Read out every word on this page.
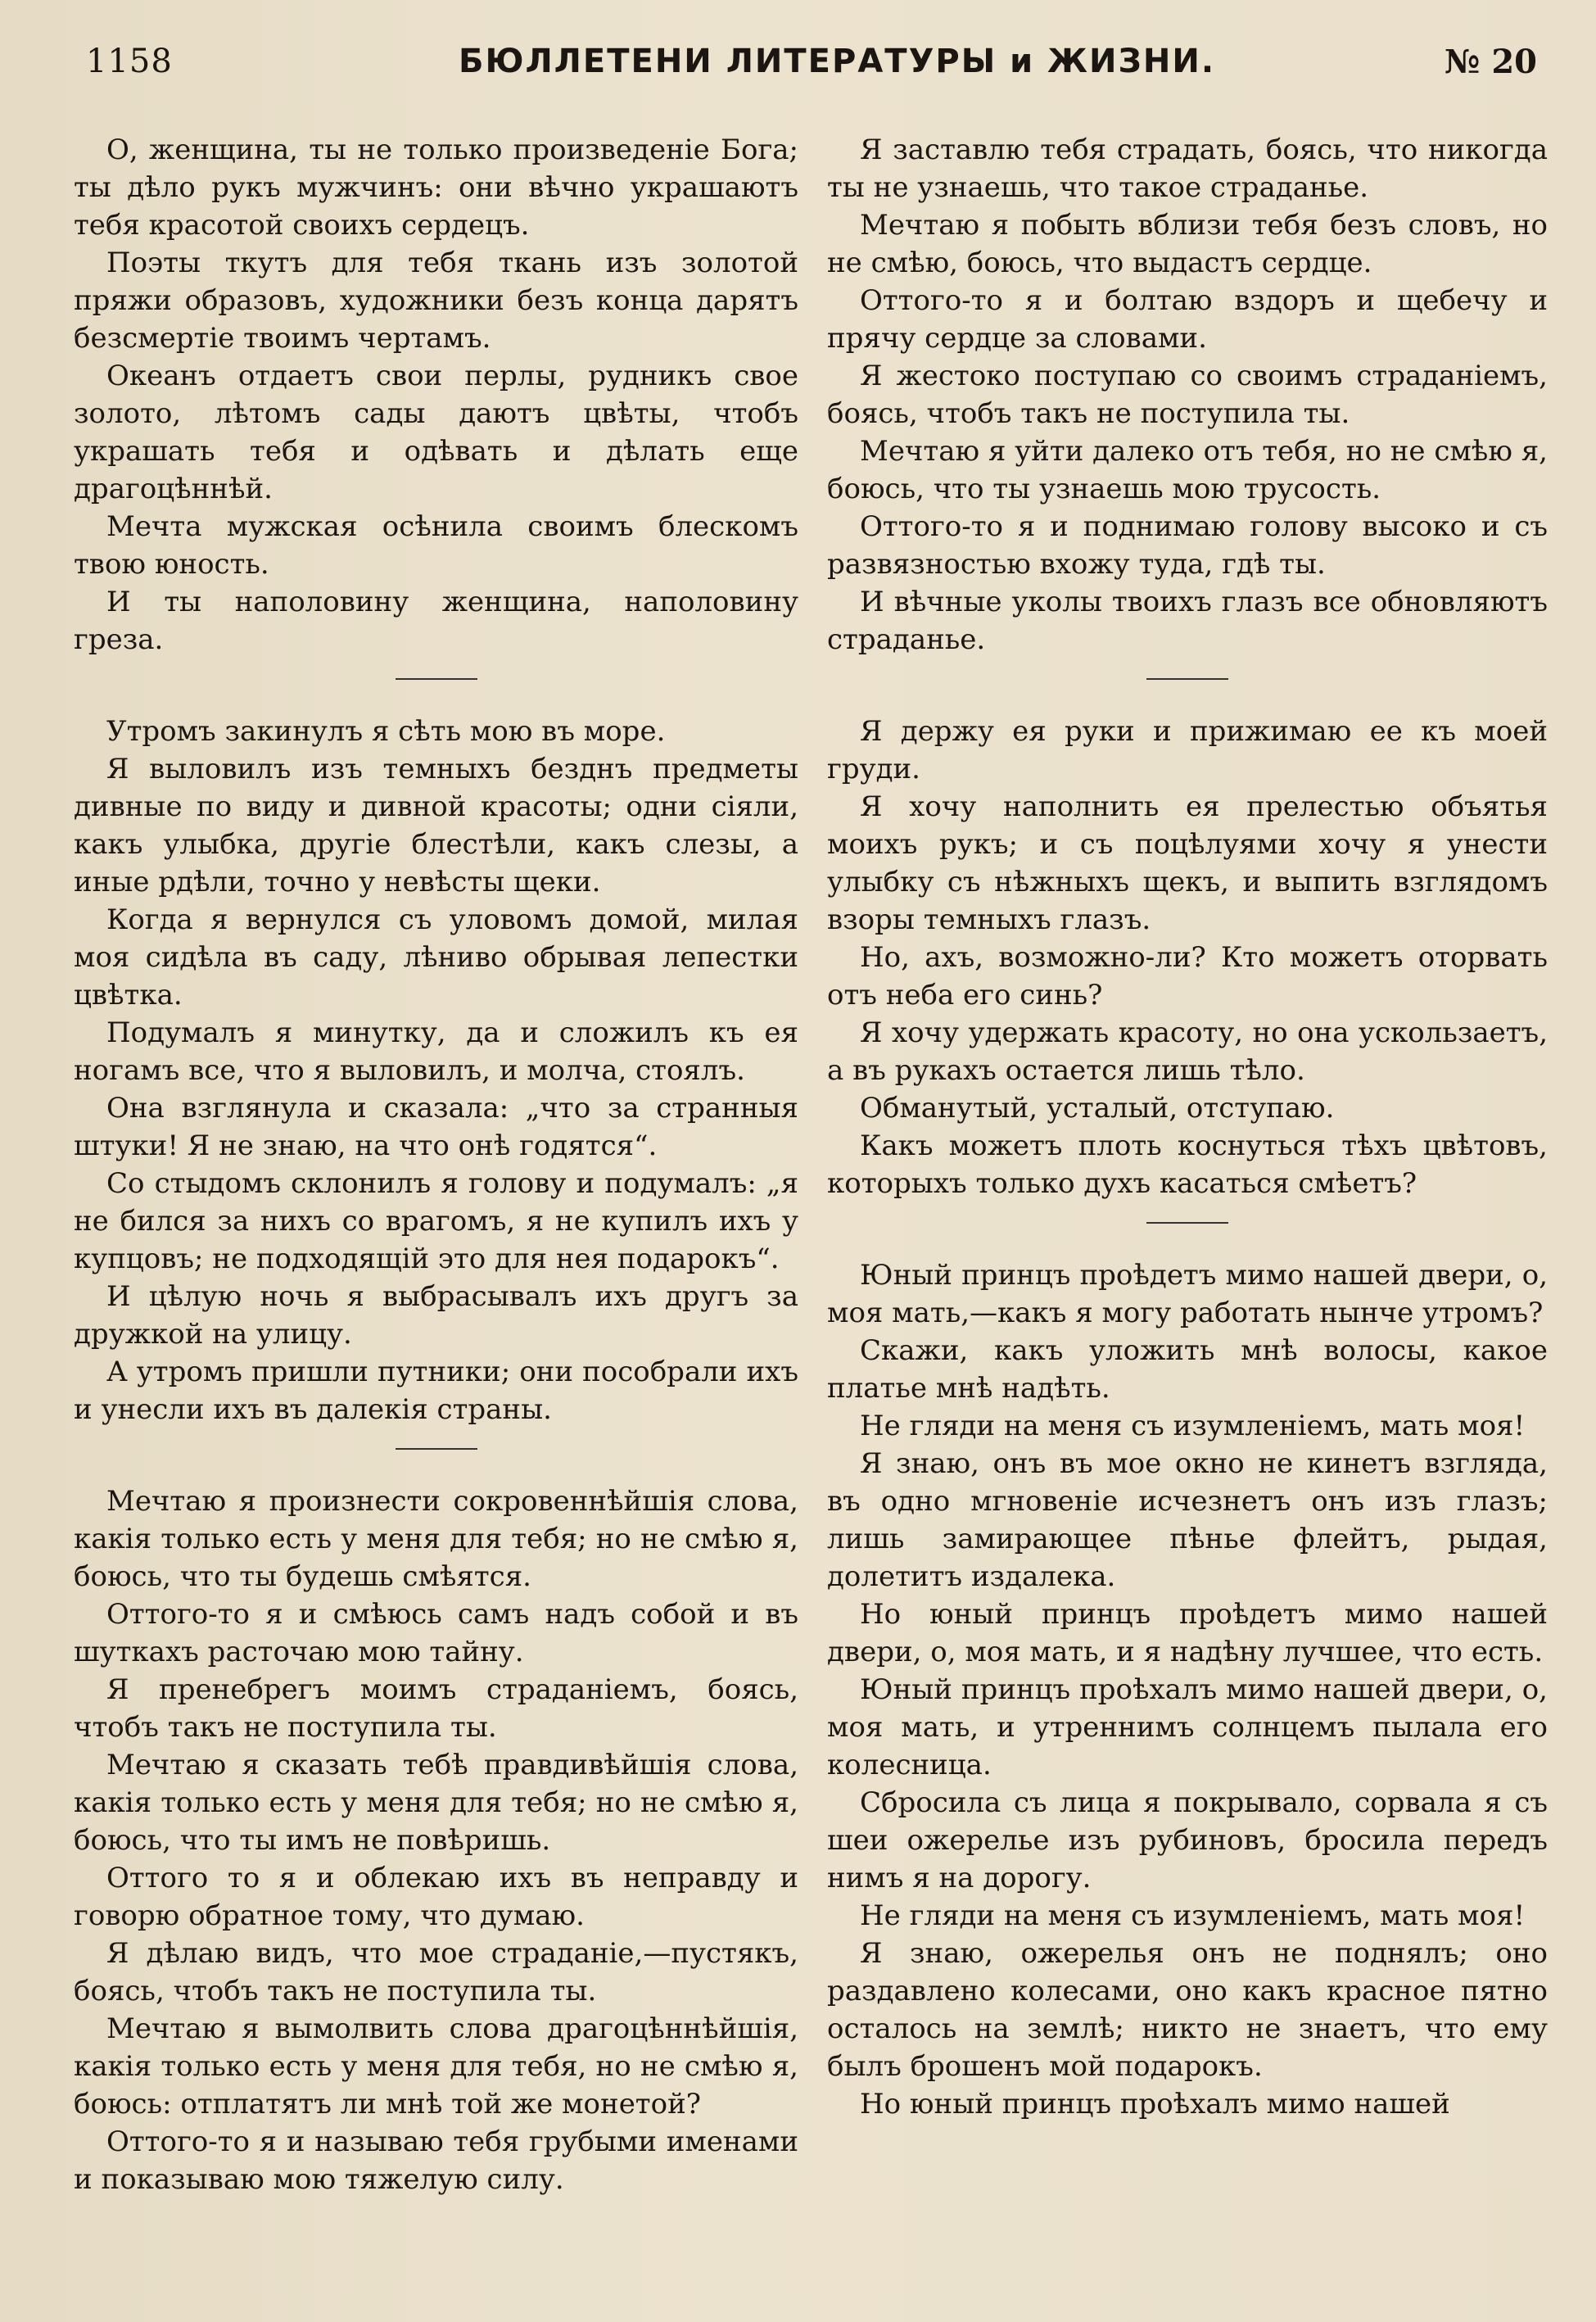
1158	БЮЛЛЕТЕНИ ЛИТЕРАТУРЫ и ЖИЗНИ.	№ 20

О, женщина, ты не только произведеніе Бога; ты дѣло рукъ мужчинъ: они вѣчно украшаютъ тебя красотой своихъ сердецъ.

Поэты ткутъ для тебя ткань изъ золотой пряжи образовъ, художники безъ конца дарятъ безсмертіе твоимъ чертамъ.

Океанъ отдаетъ свои перлы, рудникъ свое золото, лѣтомъ сады даютъ цвѣты, чтобъ украшать тебя и одѣвать и дѣлать еще драгоцѣннѣй.

Мечта мужская осѣнила своимъ блескомъ твою юность.

И ты наполовину женщина, наполовину греза.

Утромъ закинулъ я сѣть мою въ море.

Я выловилъ изъ темныхъ безднъ предметы дивные по виду и дивной красоты; одни сіяли, какъ улыбка, другіе блестѣли, какъ слезы, а иные рдѣли, точно у невѣсты щеки.

Когда я вернулся съ уловомъ домой, милая моя сидѣла въ саду, лѣниво обрывая лепестки цвѣтка.

Подумалъ я минутку, да и сложилъ къ ея ногамъ все, что я выловилъ, и молча, стоялъ.

Она взглянула и сказала: „что за странныя штуки! Я не знаю, на что онѣ годятся“.

Со стыдомъ склонилъ я голову и подумалъ: „я не бился за нихъ со врагомъ, я не купилъ ихъ у купцовъ; не подходящій это для нея подарокъ“.

И цѣлую ночь я выбрасывалъ ихъ другъ за дружкой на улицу.

А утромъ пришли путники; они пособрали ихъ и унесли ихъ въ далекія страны.

Мечтаю я произнести сокровеннѣйшія слова, какія только есть у меня для тебя; но не смѣю я, боюсь, что ты будешь смѣятся.

Оттого-то я и смѣюсь самъ надъ собой и въ шуткахъ расточаю мою тайну.

Я пренебрегъ моимъ страданіемъ, боясь, чтобъ такъ не поступила ты.

Мечтаю я сказать тебѣ правдивѣйшія слова, какія только есть у меня для тебя; но не смѣю я, боюсь, что ты имъ не повѣришь.

Оттого то я и облекаю ихъ въ неправду и говорю обратное тому, что думаю.

Я дѣлаю видъ, что мое страданіе,—пустякъ, боясь, чтобъ такъ не поступила ты.

Мечтаю я вымолвить слова драгоцѣннѣйшія, какія только есть у меня для тебя, но не смѣю я, боюсь: отплатятъ ли мнѣ той же монетой?

Оттого-то я и называю тебя грубыми именами и показываю мою тяжелую силу.

Я заставлю тебя страдать, боясь, что никогда ты не узнаешь, что такое страданье.

Мечтаю я побыть вблизи тебя безъ словъ, но не смѣю, боюсь, что выдастъ сердце.

Оттого-то я и болтаю вздоръ и щебечу и прячу сердце за словами.

Я жестоко поступаю со своимъ страданіемъ, боясь, чтобъ такъ не поступила ты.

Мечтаю я уйти далеко отъ тебя, но не смѣю я, боюсь, что ты узнаешь мою трусость.

Оттого-то я и поднимаю голову высоко и съ развязностью вхожу туда, гдѣ ты.

И вѣчные уколы твоихъ глазъ все обновляютъ страданье.

Я держу ея руки и прижимаю ее къ моей груди.

Я хочу наполнить ея прелестью объятья моихъ рукъ; и съ поцѣлуями хочу я унести улыбку съ нѣжныхъ щекъ, и выпить взглядомъ взоры темныхъ глазъ.

Но, ахъ, возможно-ли? Кто можетъ оторвать отъ неба его синь?

Я хочу удержать красоту, но она ускользаетъ, а въ рукахъ остается лишь тѣло.

Обманутый, усталый, отступаю.

Какъ можетъ плоть коснуться тѣхъ цвѣтовъ, которыхъ только духъ касаться смѣетъ?

Юный принцъ проѣдетъ мимо нашей двери, о, моя мать,—какъ я могу работать нынче утромъ?

Скажи, какъ уложить мнѣ волосы, какое платье мнѣ надѣть.

Не гляди на меня съ изумленіемъ, мать моя!

Я знаю, онъ въ мое окно не кинетъ взгляда, въ одно мгновеніе исчезнетъ онъ изъ глазъ; лишь замирающее пѣнье флейтъ, рыдая, долетитъ издалека.

Но юный принцъ проѣдетъ мимо нашей двери, о, моя мать, и я надѣну лучшее, что есть.

Юный принцъ проѣхалъ мимо нашей двери, о, моя мать, и утреннимъ солнцемъ пылала его колесница.

Сбросила съ лица я покрывало, сорвала я съ шеи ожерелье изъ рубиновъ, бросила передъ нимъ я на дорогу.

Не гляди на меня съ изумленіемъ, мать моя!

Я знаю, ожерелья онъ не поднялъ; оно раздавлено колесами, оно какъ красное пятно осталось на землѣ; никто не знаетъ, что ему былъ брошенъ мой подарокъ.

Но юный принцъ проѣхалъ мимо нашей
